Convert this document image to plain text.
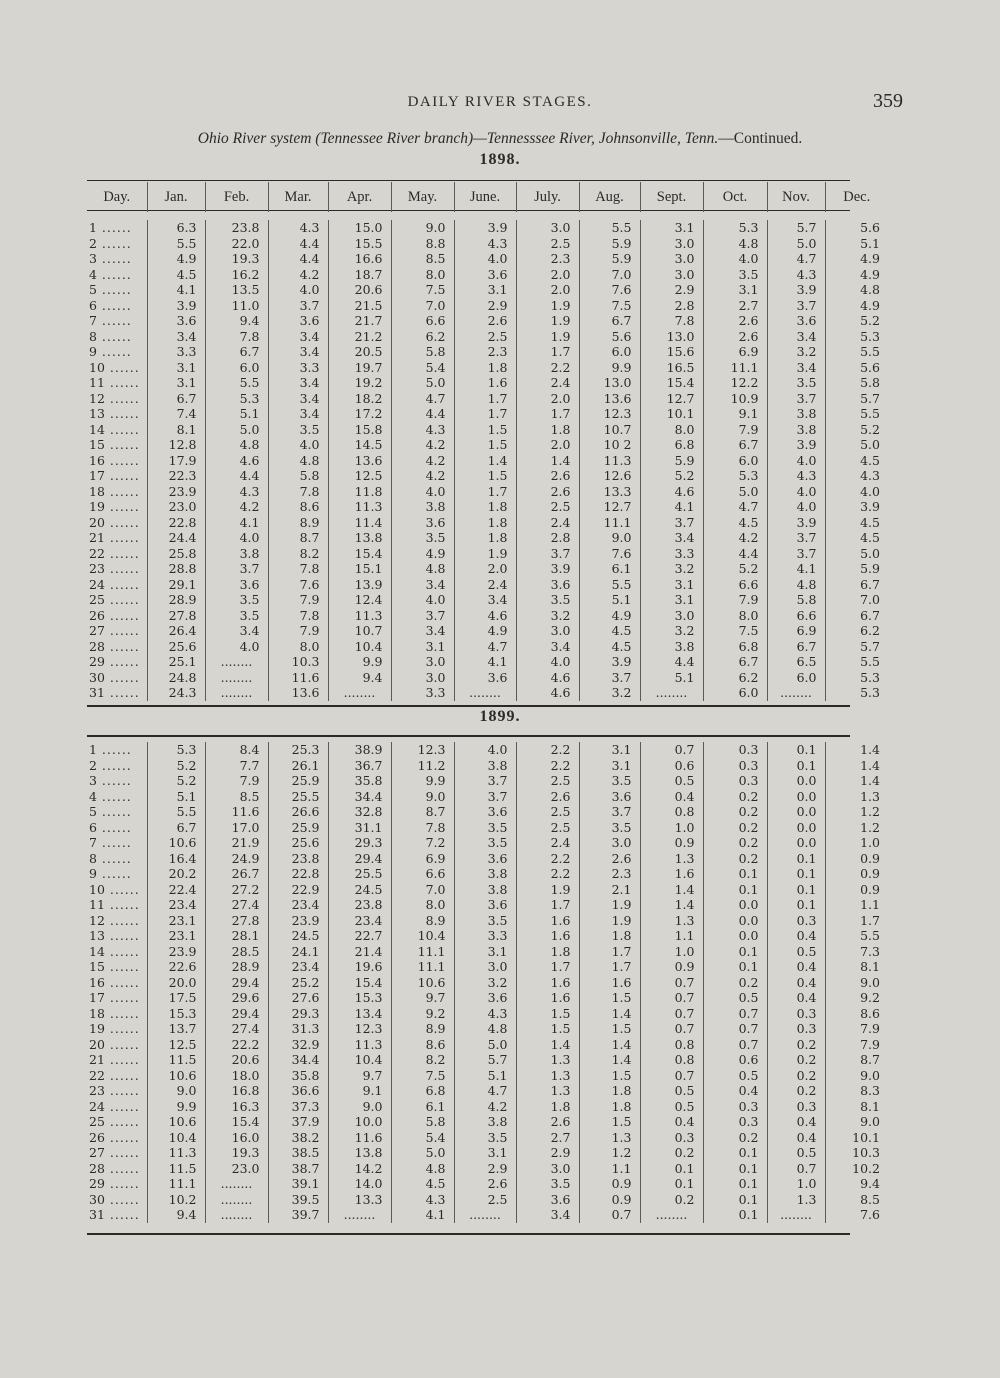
DAILY RIVER STAGES.	359
Ohio River system (Tennessee River branch)—Tennesssee River, Johnsonville, Tenn.—Continued.
1898.
Day.	Jan.	Feb.	Mar.	Apr.	May.	June.	July.	Aug.	Sept.	Oct.	Nov.	Dec.
1 ......	6.3	23.8	4.3	15.0	9.0	3.9	3.0	5.5	3.1	5.3	5.7	5.6
2 ......	5.5	22.0	4.4	15.5	8.8	4.3	2.5	5.9	3.0	4.8	5.0	5.1
3 ......	4.9	19.3	4.4	16.6	8.5	4.0	2.3	5.9	3.0	4.0	4.7	4.9
4 ......	4.5	16.2	4.2	18.7	8.0	3.6	2.0	7.0	3.0	3.5	4.3	4.9
5 ......	4.1	13.5	4.0	20.6	7.5	3.1	2.0	7.6	2.9	3.1	3.9	4.8
6 ......	3.9	11.0	3.7	21.5	7.0	2.9	1.9	7.5	2.8	2.7	3.7	4.9
7 ......	3.6	9.4	3.6	21.7	6.6	2.6	1.9	6.7	7.8	2.6	3.6	5.2
8 ......	3.4	7.8	3.4	21.2	6.2	2.5	1.9	5.6	13.0	2.6	3.4	5.3
9 ......	3.3	6.7	3.4	20.5	5.8	2.3	1.7	6.0	15.6	6.9	3.2	5.5
10 ......	3.1	6.0	3.3	19.7	5.4	1.8	2.2	9.9	16.5	11.1	3.4	5.6
11 ......	3.1	5.5	3.4	19.2	5.0	1.6	2.4	13.0	15.4	12.2	3.5	5.8
12 ......	6.7	5.3	3.4	18.2	4.7	1.7	2.0	13.6	12.7	10.9	3.7	5.7
13 ......	7.4	5.1	3.4	17.2	4.4	1.7	1.7	12.3	10.1	9.1	3.8	5.5
14 ......	8.1	5.0	3.5	15.8	4.3	1.5	1.8	10.7	8.0	7.9	3.8	5.2
15 ......	12.8	4.8	4.0	14.5	4.2	1.5	2.0	10 2	6.8	6.7	3.9	5.0
16 ......	17.9	4.6	4.8	13.6	4.2	1.4	1.4	11.3	5.9	6.0	4.0	4.5
17 ......	22.3	4.4	5.8	12.5	4.2	1.5	2.6	12.6	5.2	5.3	4.3	4.3
18 ......	23.9	4.3	7.8	11.8	4.0	1.7	2.6	13.3	4.6	5.0	4.0	4.0
19 ......	23.0	4.2	8.6	11.3	3.8	1.8	2.5	12.7	4.1	4.7	4.0	3.9
20 ......	22.8	4.1	8.9	11.4	3.6	1.8	2.4	11.1	3.7	4.5	3.9	4.5
21 ......	24.4	4.0	8.7	13.8	3.5	1.8	2.8	9.0	3.4	4.2	3.7	4.5
22 ......	25.8	3.8	8.2	15.4	4.9	1.9	3.7	7.6	3.3	4.4	3.7	5.0
23 ......	28.8	3.7	7.8	15.1	4.8	2.0	3.9	6.1	3.2	5.2	4.1	5.9
24 ......	29.1	3.6	7.6	13.9	3.4	2.4	3.6	5.5	3.1	6.6	4.8	6.7
25 ......	28.9	3.5	7.9	12.4	4.0	3.4	3.5	5.1	3.1	7.9	5.8	7.0
26 ......	27.8	3.5	7.8	11.3	3.7	4.6	3.2	4.9	3.0	8.0	6.6	6.7
27 ......	26.4	3.4	7.9	10.7	3.4	4.9	3.0	4.5	3.2	7.5	6.9	6.2
28 ......	25.6	4.0	8.0	10.4	3.1	4.7	3.4	4.5	3.8	6.8	6.7	5.7
29 ......	25.1	........	10.3	9.9	3.0	4.1	4.0	3.9	4.4	6.7	6.5	5.5
30 ......	24.8	........	11.6	9.4	3.0	3.6	4.6	3.7	5.1	6.2	6.0	5.3
31 ......	24.3	........	13.6	........	3.3	........	4.6	3.2	........	6.0	........	5.3
1899.
1 ......	5.3	8.4	25.3	38.9	12.3	4.0	2.2	3.1	0.7	0.3	0.1	1.4
2 ......	5.2	7.7	26.1	36.7	11.2	3.8	2.2	3.1	0.6	0.3	0.1	1.4
3 ......	5.2	7.9	25.9	35.8	9.9	3.7	2.5	3.5	0.5	0.3	0.0	1.4
4 ......	5.1	8.5	25.5	34.4	9.0	3.7	2.6	3.6	0.4	0.2	0.0	1.3
5 ......	5.5	11.6	26.6	32.8	8.7	3.6	2.5	3.7	0.8	0.2	0.0	1.2
6 ......	6.7	17.0	25.9	31.1	7.8	3.5	2.5	3.5	1.0	0.2	0.0	1.2
7 ......	10.6	21.9	25.6	29.3	7.2	3.5	2.4	3.0	0.9	0.2	0.0	1.0
8 ......	16.4	24.9	23.8	29.4	6.9	3.6	2.2	2.6	1.3	0.2	0.1	0.9
9 ......	20.2	26.7	22.8	25.5	6.6	3.8	2.2	2.3	1.6	0.1	0.1	0.9
10 ......	22.4	27.2	22.9	24.5	7.0	3.8	1.9	2.1	1.4	0.1	0.1	0.9
11 ......	23.4	27.4	23.4	23.8	8.0	3.6	1.7	1.9	1.4	0.0	0.1	1.1
12 ......	23.1	27.8	23.9	23.4	8.9	3.5	1.6	1.9	1.3	0.0	0.3	1.7
13 ......	23.1	28.1	24.5	22.7	10.4	3.3	1.6	1.8	1.1	0.0	0.4	5.5
14 ......	23.9	28.5	24.1	21.4	11.1	3.1	1.8	1.7	1.0	0.1	0.5	7.3
15 ......	22.6	28.9	23.4	19.6	11.1	3.0	1.7	1.7	0.9	0.1	0.4	8.1
16 ......	20.0	29.4	25.2	15.4	10.6	3.2	1.6	1.6	0.7	0.2	0.4	9.0
17 ......	17.5	29.6	27.6	15.3	9.7	3.6	1.6	1.5	0.7	0.5	0.4	9.2
18 ......	15.3	29.4	29.3	13.4	9.2	4.3	1.5	1.4	0.7	0.7	0.3	8.6
19 ......	13.7	27.4	31.3	12.3	8.9	4.8	1.5	1.5	0.7	0.7	0.3	7.9
20 ......	12.5	22.2	32.9	11.3	8.6	5.0	1.4	1.4	0.8	0.7	0.2	7.9
21 ......	11.5	20.6	34.4	10.4	8.2	5.7	1.3	1.4	0.8	0.6	0.2	8.7
22 ......	10.6	18.0	35.8	9.7	7.5	5.1	1.3	1.5	0.7	0.5	0.2	9.0
23 ......	9.0	16.8	36.6	9.1	6.8	4.7	1.3	1.8	0.5	0.4	0.2	8.3
24 ......	9.9	16.3	37.3	9.0	6.1	4.2	1.8	1.8	0.5	0.3	0.3	8.1
25 ......	10.6	15.4	37.9	10.0	5.8	3.8	2.6	1.5	0.4	0.3	0.4	9.0
26 ......	10.4	16.0	38.2	11.6	5.4	3.5	2.7	1.3	0.3	0.2	0.4	10.1
27 ......	11.3	19.3	38.5	13.8	5.0	3.1	2.9	1.2	0.2	0.1	0.5	10.3
28 ......	11.5	23.0	38.7	14.2	4.8	2.9	3.0	1.1	0.1	0.1	0.7	10.2
29 ......	11.1	........	39.1	14.0	4.5	2.6	3.5	0.9	0.1	0.1	1.0	9.4
30 ......	10.2	........	39.5	13.3	4.3	2.5	3.6	0.9	0.2	0.1	1.3	8.5
31 ......	9.4	........	39.7	........	4.1	........	3.4	0.7	........	0.1	........	7.6
